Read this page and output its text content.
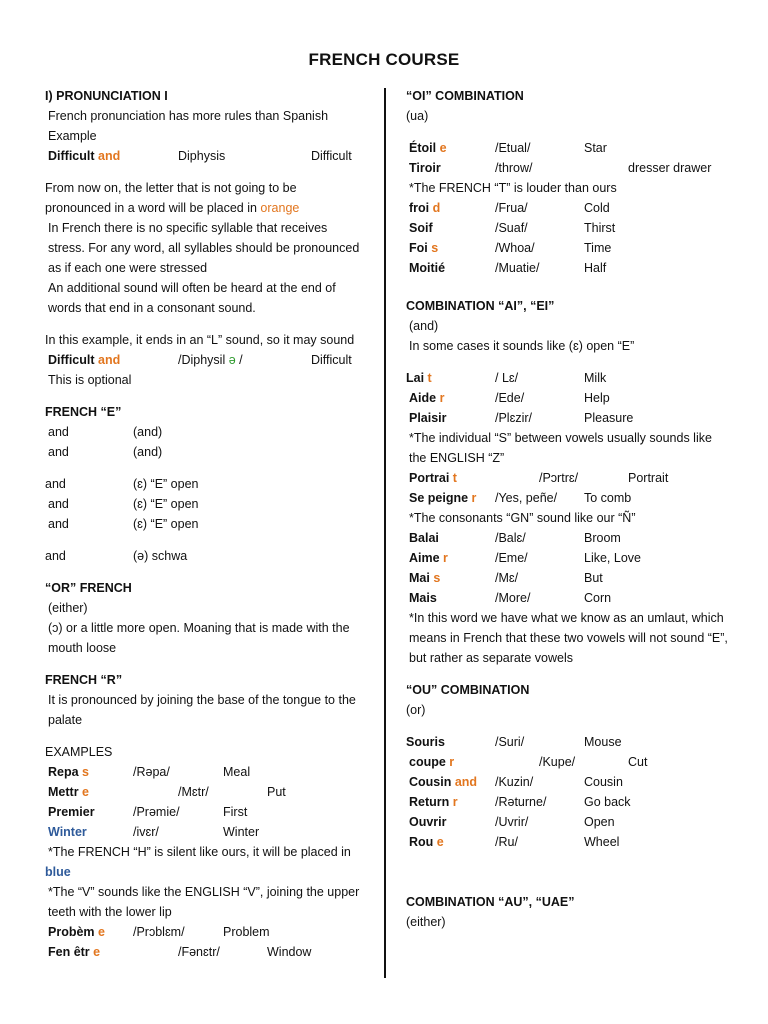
FRENCH COURSE
I) PRONUNCIATION I
French pronunciation has more rules than Spanish
Example
Difficult and	Diphysis	Difficult
From now on, the letter that is not going to be
pronounced in a word will be placed in orange
In French there is no specific syllable that receives stress. For any word, all syllables should be pronounced as if each one were stressed
An additional sound will often be heard at the end of words that end in a consonant sound.
In this example, it ends in an “L” sound, so it may sound
Difficult and	/Diphysil ə /	Difficult
This is optional
FRENCH “E”
and	(and)
and	(and)
and	(ɛ) “E” open
and	(ɛ) “E” open
and	(ɛ) “E” open
and	(ə) schwa
“OR” FRENCH
(either)
(ɔ) or a little more open. Moaning that is made with the mouth loose
FRENCH “R”
It is pronounced by joining the base of the tongue to the palate
EXAMPLES
Repa s	/Rəpa/	Meal
Mettr e	/Mɛtr/	Put
Premier	/Prəmie/	First
Winter	/ivɛr/	Winter
*The FRENCH “H” is silent like ours, it will be placed in
blue
*The “V” sounds like the ENGLISH “V”, joining the upper teeth with the lower lip
Probèm e /Prɔblɛm/	Problem
Fen êtr e	/Fənɛtr/	Window
“OI” COMBINATION
(ua)
Étoil e	/Etual/	Star
Tiroir	/throw/	dresser drawer
*The FRENCH “T” is louder than ours
froi d	/Frua/	Cold
Soif	/Suaf/	Thirst
Foi s	/Whoa/	Time
Moitié	/Muatie/	Half
COMBINATION “AI”, “EI”
(and)
In some cases it sounds like (ɛ) open “E”
Lai t	/ Lɛ/	Milk
Aide r	/Ede/	Help
Plaisir	/Plɛzir/	Pleasure
*The individual “S” between vowels usually sounds like the ENGLISH “Z”
Portrai t	/Pɔrtrɛ/	Portrait
Se peigne r /Yes, peñe/ To comb
*The consonants “GN” sound like our “Ñ”
Balai	/Balɛ/	Broom
Aime r	/Eme/	Like, Love
Mai s	/Mɛ/	But
Mais	/More/	Corn
*In this word we have what we know as an umlaut, which means in French that these two vowels will not sound “E”, but rather as separate vowels
“OU” COMBINATION
(or)
Souris	/Suri/	Mouse
coupe r	/Kupe/	Cut
Cousin and /Kuzin/	Cousin
Return r	/Rəturne/	Go back
Ouvrir	/Uvrir/	Open
Rou e	/Ru/	Wheel
COMBINATION “AU”, “UAE”
(either)
